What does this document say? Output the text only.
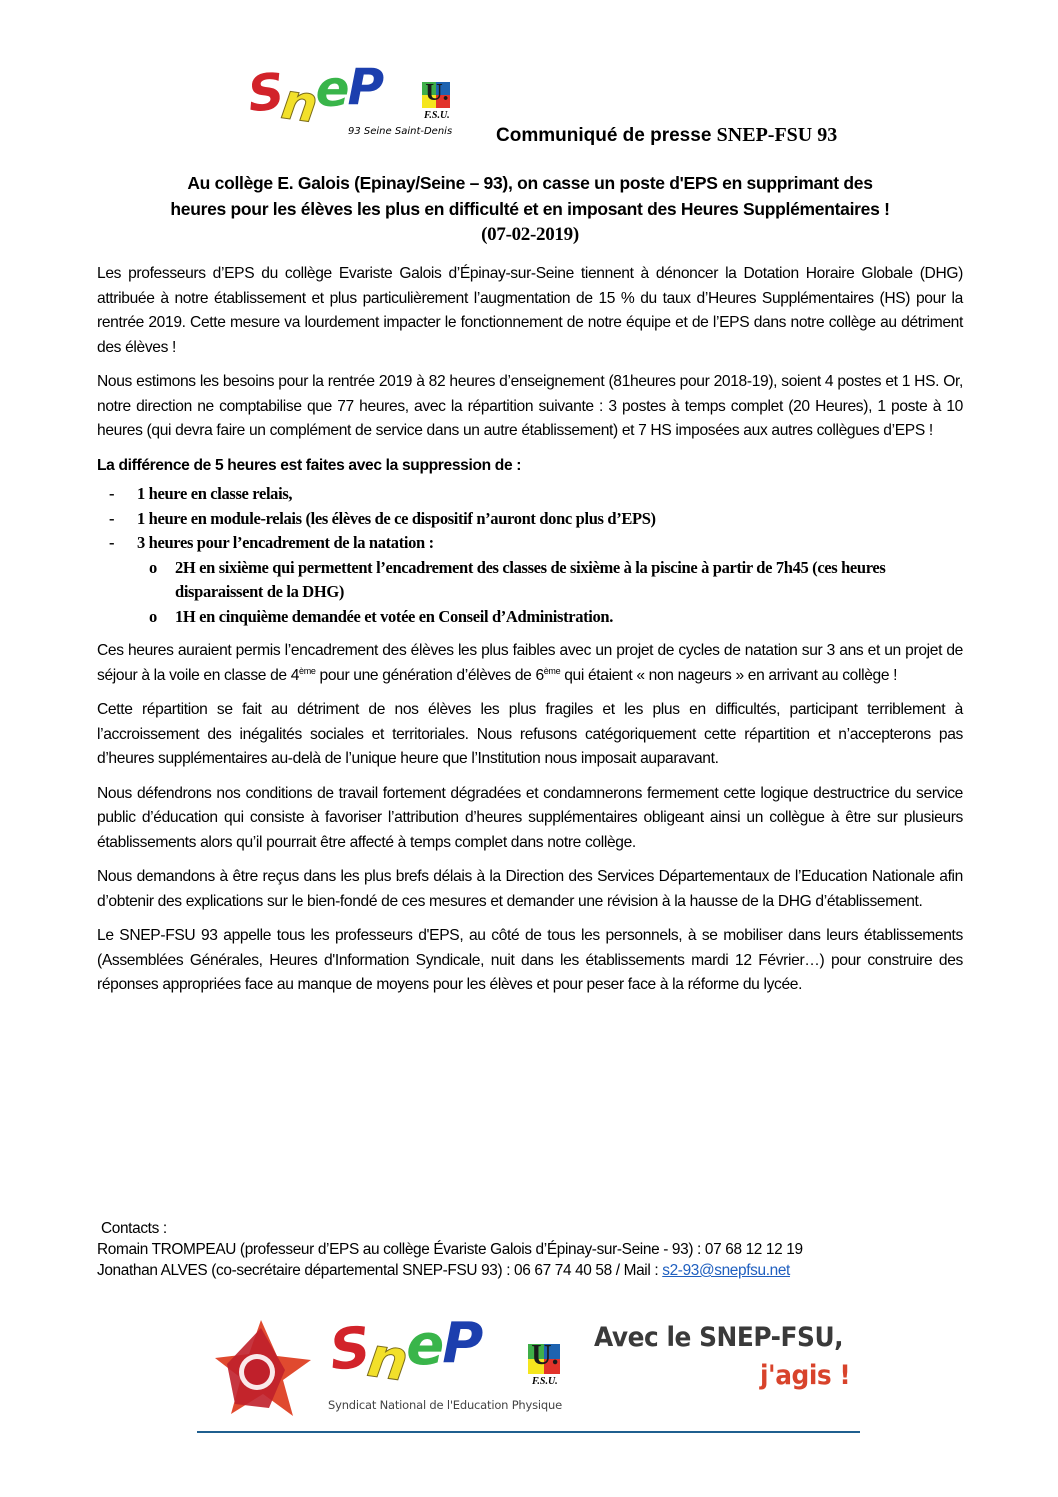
SneP U.
F.S.U.
93 Seine Saint-Denis Communiqué de presse SNEP-FSU 93
Au collège E. Galois (Epinay/Seine – 93), on casse un poste d'EPS en supprimant des
heures pour les élèves les plus en difficulté et en imposant des Heures Supplémentaires !
(07-02-2019)

Les professeurs d’EPS du collège Evariste Galois d’Épinay-sur-Seine tiennent à dénoncer la Dotation Horaire Globale (DHG) attribuée à notre établissement et plus particulièrement l’augmentation de 15 % du taux d’Heures Supplémentaires (HS) pour la rentrée 2019. Cette mesure va lourdement impacter le fonctionnement de notre équipe et de l’EPS dans notre collège au détriment des élèves !

Nous estimons les besoins pour la rentrée 2019 à 82 heures d’enseignement (81heures pour 2018-19), soient 4 postes et 1 HS. Or, notre direction ne comptabilise que 77 heures, avec la répartition suivante : 3 postes à temps complet (20 Heures), 1 poste à 10 heures (qui devra faire un complément de service dans un autre établissement) et 7 HS imposées aux autres collègues d’EPS !

La différence de 5 heures est faites avec la suppression de :

- 1 heure en classe relais,
- 1 heure en module-relais (les élèves de ce dispositif n’auront donc plus d’EPS)
- 3 heures pour l’encadrement de la natation :
o 2H en sixième qui permettent l’encadrement des classes de sixième à la piscine à partir de 7h45 (ces heures disparaissent de la DHG)
o 1H en cinquième demandée et votée en Conseil d’Administration.

Ces heures auraient permis l’encadrement des élèves les plus faibles avec un projet de cycles de natation sur 3 ans et un projet de séjour à la voile en classe de 4ème pour une génération d’élèves de 6ème qui étaient « non nageurs » en arrivant au collège !

Cette répartition se fait au détriment de nos élèves les plus fragiles et les plus en difficultés, participant terriblement à l’accroissement des inégalités sociales et territoriales. Nous refusons catégoriquement cette répartition et n’accepterons pas d’heures supplémentaires au-delà de l’unique heure que l’Institution nous imposait auparavant.

Nous défendrons nos conditions de travail fortement dégradées et condamnerons fermement cette logique destructrice du service public d’éducation qui consiste à favoriser l’attribution d’heures supplémentaires obligeant ainsi un collègue à être sur plusieurs établissements alors qu’il pourrait être affecté à temps complet dans notre collège.

Nous demandons à être reçus dans les plus brefs délais à la Direction des Services Départementaux de l’Education Nationale afin d’obtenir des explications sur le bien-fondé de ces mesures et demander une révision à la hausse de la DHG d’établissement.

Le SNEP-FSU 93 appelle tous les professeurs d'EPS, au côté de tous les personnels, à se mobiliser dans leurs établissements (Assemblées Générales, Heures d'Information Syndicale, nuit dans les établissements mardi 12 Février…) pour construire des réponses appropriées face au manque de moyens pour les élèves et pour peser face à la réforme du lycée.

Contacts :
Romain TROMPEAU (professeur d’EPS au collège Évariste Galois d’Épinay-sur-Seine - 93) : 07 68 12 12 19
Jonathan ALVES (co-secrétaire départemental SNEP-FSU 93) : 06 67 74 40 58 / Mail : s2-93@snepfsu.net
SneP U.
F.S.U.
Syndicat National de l'Education Physique
Avec le SNEP-FSU,
j'agis !
